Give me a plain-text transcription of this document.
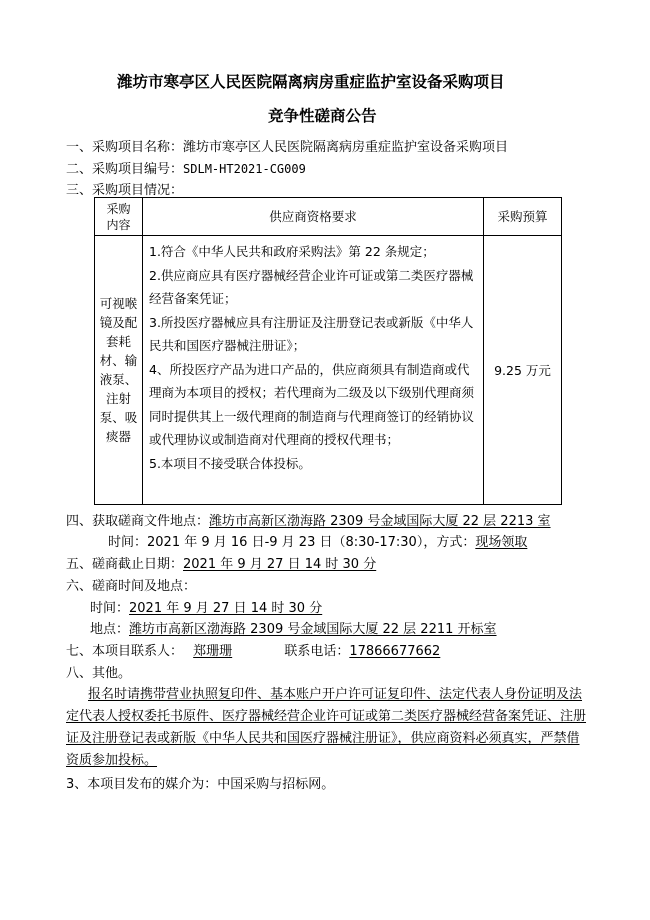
潍坊市寒亭区人民医院隔离病房重症监护室设备采购项目
竞争性磋商公告
一、采购项目名称：潍坊市寒亭区人民医院隔离病房重症监护室设备采购项目
二、采购项目编号：SDLM-HT2021-CG009
三、采购项目情况：
采购内容	供应商资格要求	采购预算
可视喉镜及配套耗材、输液泵、注射泵、吸痰器	1.符合《中华人民共和政府采购法》第 22 条规定；
2.供应商应具有医疗器械经营企业许可证或第二类医疗器械经营备案凭证；
3.所投医疗器械应具有注册证及注册登记表或新版《中华人民共和国医疗器械注册证》；
4、所投医疗产品为进口产品的，供应商须具有制造商或代理商为本项目的授权；若代理商为二级及以下级别代理商须同时提供其上一级代理商的制造商与代理商签订的经销协议或代理协议或制造商对代理商的授权代理书；
5.本项目不接受联合体投标。	9.25 万元
四、获取磋商文件地点：潍坊市高新区渤海路 2309 号金域国际大厦 22 层 2213 室
时间：2021 年 9 月 16 日-9 月 23 日（8:30-17:30），方式：现场领取
五、磋商截止日期：2021 年 9 月 27 日 14 时 30 分
六、磋商时间及地点：
时间：2021 年 9 月 27 日 14 时 30 分
地点：潍坊市高新区渤海路 2309 号金域国际大厦 22 层 2211 开标室
七、本项目联系人： 郑珊珊	联系电话：17866677662
八、其他。
报名时请携带营业执照复印件、基本账户开户许可证复印件、法定代表人身份证明及法定代表人授权委托书原件、医疗器械经营企业许可证或第二类医疗器械经营备案凭证、注册证及注册登记表或新版《中华人民共和国医疗器械注册证》，供应商资料必须真实，严禁借资质参加投标。
3、本项目发布的媒介为：中国采购与招标网。
